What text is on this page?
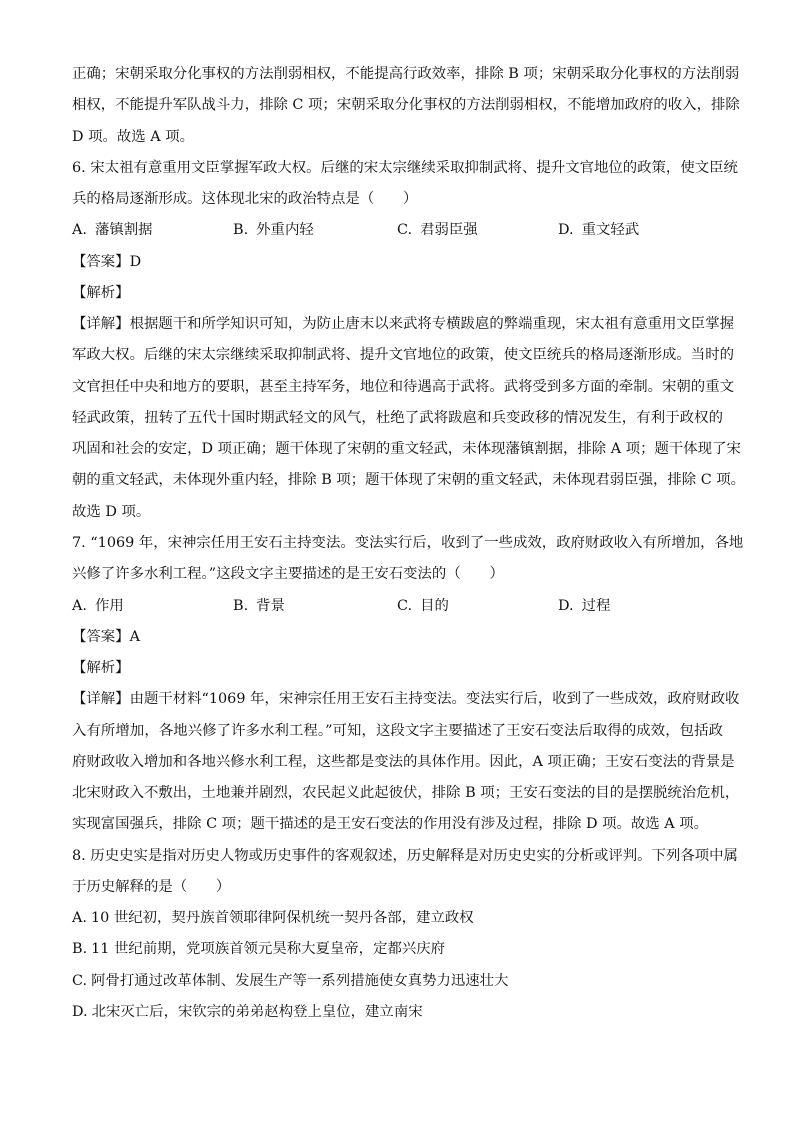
正确；宋朝采取分化事权的方法削弱相权，不能提高行政效率，排除 B 项；宋朝采取分化事权的方法削弱
相权，不能提升军队战斗力，排除 C 项；宋朝采取分化事权的方法削弱相权，不能增加政府的收入，排除
D 项。故选 A 项。
6. 宋太祖有意重用文臣掌握军政大权。后继的宋太宗继续采取抑制武将、提升文官地位的政策，使文臣统
兵的格局逐渐形成。这体现北宋的政治特点是（　　）
A. 藩镇割据	B. 外重内轻	C. 君弱臣强	D. 重文轻武
【答案】D
【解析】
【详解】根据题干和所学知识可知，为防止唐末以来武将专横跋扈的弊端重现，宋太祖有意重用文臣掌握
军政大权。后继的宋太宗继续采取抑制武将、提升文官地位的政策，使文臣统兵的格局逐渐形成。当时的
文官担任中央和地方的要职，甚至主持军务，地位和待遇高于武将。武将受到多方面的牵制。宋朝的重文
轻武政策，扭转了五代十国时期武轻文的风气，杜绝了武将跋扈和兵变政移的情况发生，有利于政权的
巩固和社会的安定，D 项正确；题干体现了宋朝的重文轻武，未体现藩镇割据，排除 A 项；题干体现了宋
朝的重文轻武，未体现外重内轻，排除 B 项；题干体现了宋朝的重文轻武，未体现君弱臣强，排除 C 项。
故选 D 项。
7. “1069 年，宋神宗任用王安石主持变法。变法实行后，收到了一些成效，政府财政收入有所增加，各地
兴修了许多水利工程。”这段文字主要描述的是王安石变法的（　　）
A. 作用	B. 背景	C. 目的	D. 过程
【答案】A
【解析】
【详解】由题干材料“1069 年，宋神宗任用王安石主持变法。变法实行后，收到了一些成效，政府财政收
入有所增加，各地兴修了许多水利工程。”可知，这段文字主要描述了王安石变法后取得的成效，包括政
府财政收入增加和各地兴修水利工程，这些都是变法的具体作用。因此，A 项正确；王安石变法的背景是
北宋财政入不敷出，土地兼并剧烈，农民起义此起彼伏，排除 B 项；王安石变法的目的是摆脱统治危机，
实现富国强兵，排除 C 项；题干描述的是王安石变法的作用没有涉及过程，排除 D 项。故选 A 项。
8. 历史史实是指对历史人物或历史事件的客观叙述，历史解释是对历史史实的分析或评判。下列各项中属
于历史解释的是（　　）
A. 10 世纪初，契丹族首领耶律阿保机统一契丹各部，建立政权
B. 11 世纪前期，党项族首领元昊称大夏皇帝，定都兴庆府
C. 阿骨打通过改革体制、发展生产等一系列措施使女真势力迅速壮大
D. 北宋灭亡后，宋钦宗的弟弟赵构登上皇位，建立南宋
